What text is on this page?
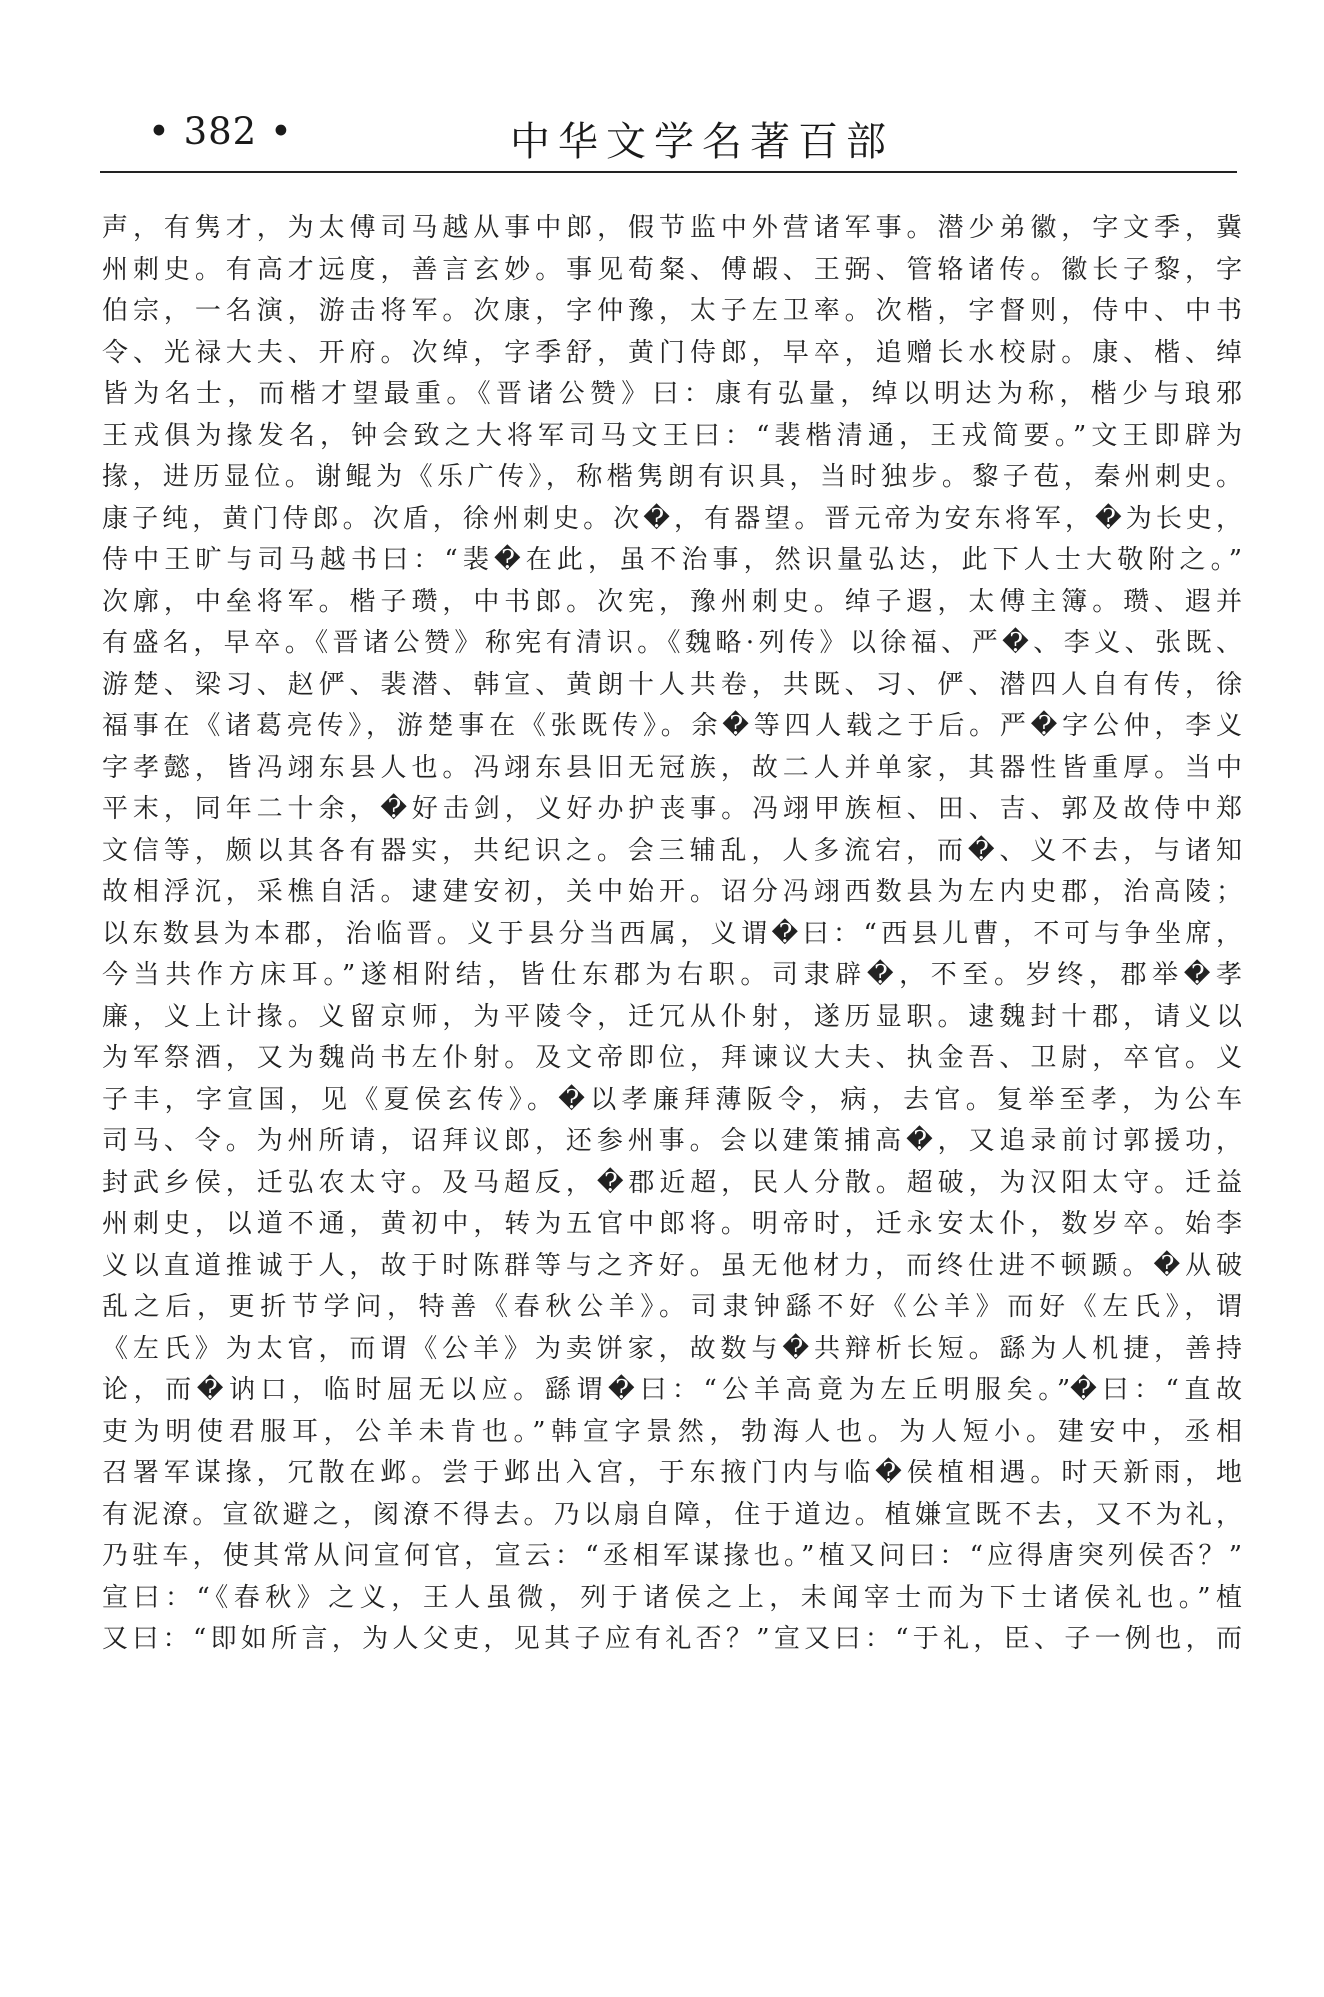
• 382 •	中华文学名著百部
声，有隽才，为太傅司马越从事中郎，假节监中外营诸军事。潜少弟徽，字文季，冀
州刺史。有高才远度，善言玄妙。事见荀粲、傅嘏、王弼、管辂诸传。徽长子黎，字
伯宗，一名演，游击将军。次康，字仲豫，太子左卫率。次楷，字督则，侍中、中书
令、光禄大夫、开府。次绰，字季舒，黄门侍郎，早卒，追赠长水校尉。康、楷、绰
皆为名士，而楷才望最重。《晋诸公赞》曰：康有弘量，绰以明达为称，楷少与琅邪
王戎俱为掾发名，钟会致之大将军司马文王曰：“裴楷清通，王戎简要。”文王即辟为
掾，进历显位。谢鲲为《乐广传》，称楷隽朗有识具，当时独步。黎子苞，秦州刺史。
康子纯，黄门侍郎。次盾，徐州刺史。次�，有器望。晋元帝为安东将军，�为长史，
侍中王旷与司马越书曰：“裴�在此，虽不治事，然识量弘达，此下人士大敬附之。”
次廓，中垒将军。楷子瓒，中书郎。次宪，豫州刺史。绰子遐，太傅主簿。瓒、遐并
有盛名，早卒。《晋诸公赞》称宪有清识。《魏略·列传》以徐福、严�、李义、张既、
游楚、梁习、赵俨、裴潜、韩宣、黄朗十人共卷，共既、习、俨、潜四人自有传，徐
福事在《诸葛亮传》，游楚事在《张既传》。余�等四人载之于后。严�字公仲，李义
字孝懿，皆冯翊东县人也。冯翊东县旧无冠族，故二人并单家，其器性皆重厚。当中
平末，同年二十余，�好击剑，义好办护丧事。冯翊甲族桓、田、吉、郭及故侍中郑
文信等，颇以其各有器实，共纪识之。会三辅乱，人多流宕，而�、义不去，与诸知
故相浮沉，采樵自活。逮建安初，关中始开。诏分冯翊西数县为左内史郡，治高陵；
以东数县为本郡，治临晋。义于县分当西属，义谓�曰：“西县儿曹，不可与争坐席，
今当共作方床耳。”遂相附结，皆仕东郡为右职。司隶辟�，不至。岁终，郡举�孝
廉，义上计掾。义留京师，为平陵令，迁冗从仆射，遂历显职。逮魏封十郡，请义以
为军祭酒，又为魏尚书左仆射。及文帝即位，拜谏议大夫、执金吾、卫尉，卒官。义
子丰，字宣国，见《夏侯玄传》。�以孝廉拜薄阪令，病，去官。复举至孝，为公车
司马、令。为州所请，诏拜议郎，还参州事。会以建策捕高�，又追录前讨郭援功，
封武乡侯，迁弘农太守。及马超反，�郡近超，民人分散。超破，为汉阳太守。迁益
州刺史，以道不通，黄初中，转为五官中郎将。明帝时，迁永安太仆，数岁卒。始李
义以直道推诚于人，故于时陈群等与之齐好。虽无他材力，而终仕进不顿踬。�从破
乱之后，更折节学问，特善《春秋公羊》。司隶钟繇不好《公羊》而好《左氏》，谓
《左氏》为太官，而谓《公羊》为卖饼家，故数与�共辩析长短。繇为人机捷，善持
论，而�讷口，临时屈无以应。繇谓�曰：“公羊高竟为左丘明服矣。”�曰：“直故
吏为明使君服耳，公羊未肯也。”韩宣字景然，勃海人也。为人短小。建安中，丞相
召署军谋掾，冗散在邺。尝于邺出入宫，于东掖门内与临�侯植相遇。时天新雨，地
有泥潦。宣欲避之，阂潦不得去。乃以扇自障，住于道边。植嫌宣既不去，又不为礼，
乃驻车，使其常从问宣何官，宣云：“丞相军谋掾也。”植又问曰：“应得唐突列侯否？”
宣曰：“《春秋》之义，王人虽微，列于诸侯之上，未闻宰士而为下士诸侯礼也。”植
又曰：“即如所言，为人父吏，见其子应有礼否？”宣又曰：“于礼，臣、子一例也，而
